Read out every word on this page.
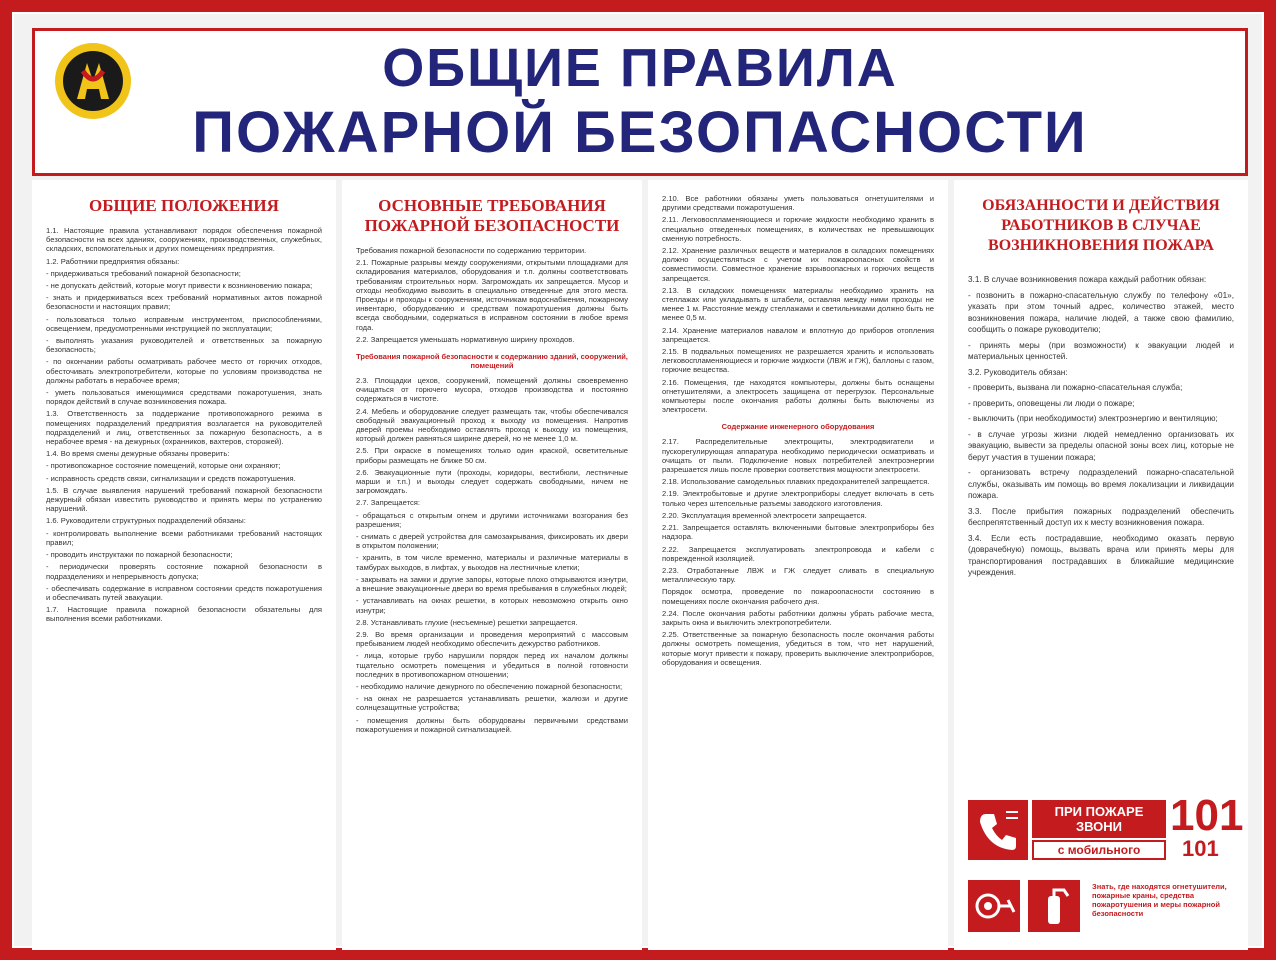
ОБЩИЕ ПРАВИЛА
ПОЖАРНОЙ БЕЗОПАСНОСТИ
ОБЩИЕ ПОЛОЖЕНИЯ

1.1. Настоящие правила устанавливают порядок обеспечения пожарной безопасности на всех зданиях, сооружениях, производственных, служебных, складских, вспомогательных и других помещениях предприятия.

1.2. Работники предприятия обязаны:

- придерживаться требований пожарной безопасности;

- не допускать действий, которые могут привести к возникновению пожара;

- знать и придерживаться всех требований нормативных актов пожарной безопасности и настоящих правил;

- пользоваться только исправным инструментом, приспособлениями, освещением, предусмотренными инструкцией по эксплуатации;

- выполнять указания руководителей и ответственных за пожарную безопасность;

- по окончании работы осматривать рабочее место от горючих отходов, обесточивать электропотребители, которые по условиям производства не должны работать в нерабочее время;

- уметь пользоваться имеющимися средствами пожаротушения, знать порядок действий в случае возникновения пожара.

1.3. Ответственность за поддержание противопожарного режима в помещениях подразделений предприятия возлагается на руководителей подразделений и лиц, ответственных за пожарную безопасность, а в нерабочее время - на дежурных (охранников, вахтеров, сторожей).

1.4. Во время смены дежурные обязаны проверить:

- противопожарное состояние помещений, которые они охраняют;

- исправность средств связи, сигнализации и средств пожаротушения.

1.5. В случае выявления нарушений требований пожарной безопасности дежурный обязан известить руководство и принять меры по устранению нарушений.

1.6. Руководители структурных подразделений обязаны:

- контролировать выполнение всеми работниками требований настоящих правил;

- проводить инструктажи по пожарной безопасности;

- периодически проверять состояние пожарной безопасности в подразделениях и непрерывность допуска;

- обеспечивать содержание в исправном состоянии средств пожаротушения и обеспечивать путей эвакуации.

1.7. Настоящие правила пожарной безопасности обязательны для выполнения всеми работниками.

ОСНОВНЫЕ ТРЕБОВАНИЯ ПОЖАРНОЙ БЕЗОПАСНОСТИ

Требования пожарной безопасности по содержанию территории.

2.1. Пожарные разрывы между сооружениями, открытыми площадками для складирования материалов, оборудования и т.п. должны соответствовать требованиям строительных норм. Загромождать их запрещается. Мусор и отходы необходимо вывозить в специально отведенные для этого места. Проезды и проходы к сооружениям, источникам водоснабжения, пожарному инвентарю, оборудованию и средствам пожаротушения должны быть всегда свободными, содержаться в исправном состоянии в любое время года.

2.2. Запрещается уменьшать нормативную ширину проходов.

Требования пожарной безопасности к содержанию зданий, сооружений, помещений

2.3. Площадки цехов, сооружений, помещений должны своевременно очищаться от горючего мусора, отходов производства и постоянно содержаться в чистоте.

2.4. Мебель и оборудование следует размещать так, чтобы обеспечивался свободный эвакуационный проход к выходу из помещения. Напротив дверей проемы необходимо оставлять проход к выходу из помещения, который должен равняться ширине дверей, но не менее 1,0 м.

2.5. При окраске в помещениях только один краской, осветительные приборы размещать не ближе 50 см.

2.6. Эвакуационные пути (проходы, коридоры, вестибюли, лестничные марши и т.п.) и выходы следует содержать свободными, ничем не загромождать.

2.7. Запрещается:

- обращаться с открытым огнем и другими источниками возгорания без разрешения;

- снимать с дверей устройства для самозакрывания, фиксировать их двери в открытом положении;

- хранить, в том числе временно, материалы и различные материалы в тамбурах выходов, в лифтах, у выходов на лестничные клетки;

- закрывать на замки и другие запоры, которые плохо открываются изнутри, а внешние эвакуационные двери во время пребывания в служебных людей;

- устанавливать на окнах решетки, в которых невозможно открыть окно изнутри;

2.8. Устанавливать глухие (несъемные) решетки запрещается.

2.9. Во время организации и проведения мероприятий с массовым пребыванием людей необходимо обеспечить дежурство работников.

- лица, которые грубо нарушили порядок перед их началом должны тщательно осмотреть помещения и убедиться в полной готовности последних в противопожарном отношении;

- необходимо наличие дежурного по обеспечению пожарной безопасности;

- на окнах не разрешается устанавливать решетки, жалюзи и другие солнцезащитные устройства;

- помещения должны быть оборудованы первичными средствами пожаротушения и пожарной сигнализацией.

2.10. Все работники обязаны уметь пользоваться огнетушителями и другими средствами пожаротушения.

2.11. Легковоспламеняющиеся и горючие жидкости необходимо хранить в специально отведенных помещениях, в количествах не превышающих сменную потребность.

2.12. Хранение различных веществ и материалов в складских помещениях должно осуществляться с учетом их пожароопасных свойств и совместимости. Совместное хранение взрывоопасных и горючих веществ запрещается.

2.13. В складских помещениях материалы необходимо хранить на стеллажах или укладывать в штабели, оставляя между ними проходы не менее 1 м. Расстояние между стеллажами и светильниками должно быть не менее 0,5 м.

2.14. Хранение материалов навалом и вплотную до приборов отопления запрещается.

2.15. В подвальных помещениях не разрешается хранить и использовать легковоспламеняющиеся и горючие жидкости (ЛВЖ и ГЖ), баллоны с газом, горючие вещества.

2.16. Помещения, где находятся компьютеры, должны быть оснащены огнетушителями, а электросеть защищена от перегрузок. Персональные компьютеры после окончания работы должны быть выключены из электросети.

Содержание инженерного оборудования

2.17. Распределительные электрощиты, электродвигатели и пускорегулирующая аппаратура необходимо периодически осматривать и очищать от пыли. Подключение новых потребителей электроэнергии разрешается лишь после проверки соответствия мощности электросети.

2.18. Использование самодельных плавких предохранителей запрещается.

2.19. Электробытовые и другие электроприборы следует включать в сеть только через штепсельные разъемы заводского изготовления.

2.20. Эксплуатация временной электросети запрещается.

2.21. Запрещается оставлять включенными бытовые электроприборы без надзора.

2.22. Запрещается эксплуатировать электропровода и кабели с поврежденной изоляцией.

2.23. Отработанные ЛВЖ и ГЖ следует сливать в специальную металлическую тару.

Порядок осмотра, проведение по пожароопасности состоянию в помещениях после окончания рабочего дня.

2.24. После окончания работы работники должны убрать рабочие места, закрыть окна и выключить электропотребители.

2.25. Ответственные за пожарную безопасность после окончания работы должны осмотреть помещения, убедиться в том, что нет нарушений, которые могут привести к пожару, проверить выключение электроприборов, оборудования и освещения.

ОБЯЗАННОСТИ И ДЕЙСТВИЯ РАБОТНИКОВ В СЛУЧАЕ ВОЗНИКНОВЕНИЯ ПОЖАРА

3.1. В случае возникновения пожара каждый работник обязан:

- позвонить в пожарно-спасательную службу по телефону «01», указать при этом точный адрес, количество этажей, место возникновения пожара, наличие людей, а также свою фамилию, сообщить о пожаре руководителю;

- принять меры (при возможности) к эвакуации людей и материальных ценностей.

3.2. Руководитель обязан:

- проверить, вызвана ли пожарно-спасательная служба;

- проверить, оповещены ли люди о пожаре;

- выключить (при необходимости) электроэнергию и вентиляцию;

- в случае угрозы жизни людей немедленно организовать их эвакуацию, вывести за пределы опасной зоны всех лиц, которые не берут участия в тушении пожара;

- организовать встречу подразделений пожарно-спасательной службы, оказывать им помощь во время локализации и ликвидации пожара.

3.3. После прибытия пожарных подразделений обеспечить беспрепятственный доступ их к месту возникновения пожара.

3.4. Если есть пострадавшие, необходимо оказать первую (доврачебную) помощь, вызвать врача или принять меры для транспортирования пострадавших в ближайшие медицинские учреждения.

ПРИ ПОЖАРЕ
ЗВОНИ
с мобильного
101
101
Знать, где находятся огнетушители, пожарные краны, средства пожаротушения и меры пожарной безопасности
